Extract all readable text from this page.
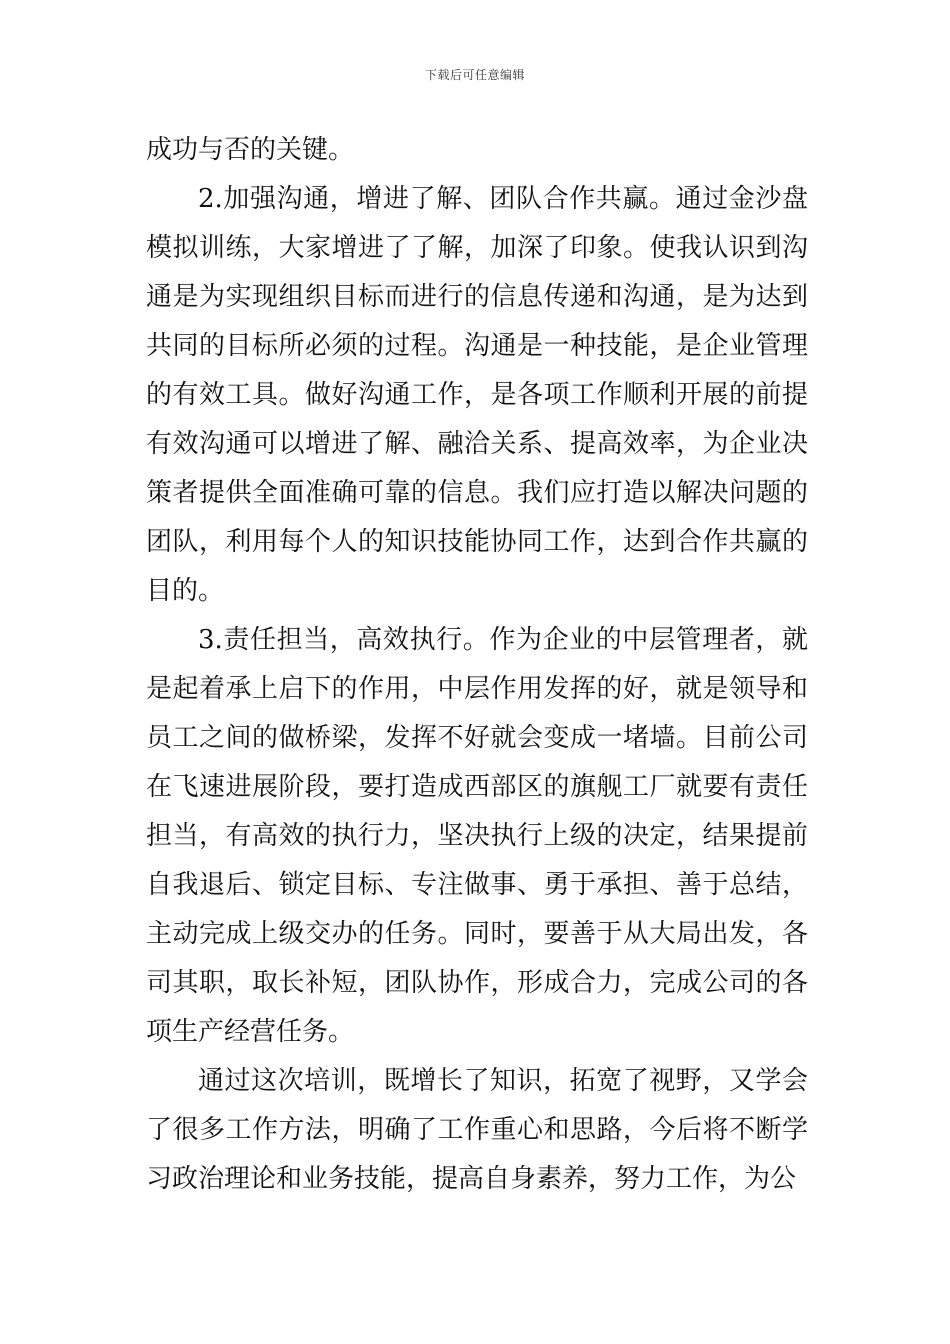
下载后可任意编辑

成功与否的关键。

2.加强沟通，增进了解、团队合作共赢。通过金沙盘模拟训练，大家增进了了解，加深了印象。使我认识到沟通是为实现组织目标而进行的信息传递和沟通，是为达到共同的目标所必须的过程。沟通是一种技能，是企业管理的有效工具。做好沟通工作，是各项工作顺利开展的前提有效沟通可以增进了解、融洽关系、提高效率，为企业决策者提供全面准确可靠的信息。我们应打造以解决问题的团队，利用每个人的知识技能协同工作，达到合作共赢的目的。

3.责任担当，高效执行。作为企业的中层管理者，就是起着承上启下的作用，中层作用发挥的好，就是领导和员工之间的做桥梁，发挥不好就会变成一堵墙。目前公司在飞速进展阶段，要打造成西部区的旗舰工厂就要有责任担当，有高效的执行力，坚决执行上级的决定，结果提前自我退后、锁定目标、专注做事、勇于承担、善于总结，主动完成上级交办的任务。同时，要善于从大局出发，各司其职，取长补短，团队协作，形成合力，完成公司的各项生产经营任务。

通过这次培训，既增长了知识，拓宽了视野，又学会了很多工作方法，明确了工作重心和思路，今后将不断学习政治理论和业务技能，提高自身素养，努力工作，为公
